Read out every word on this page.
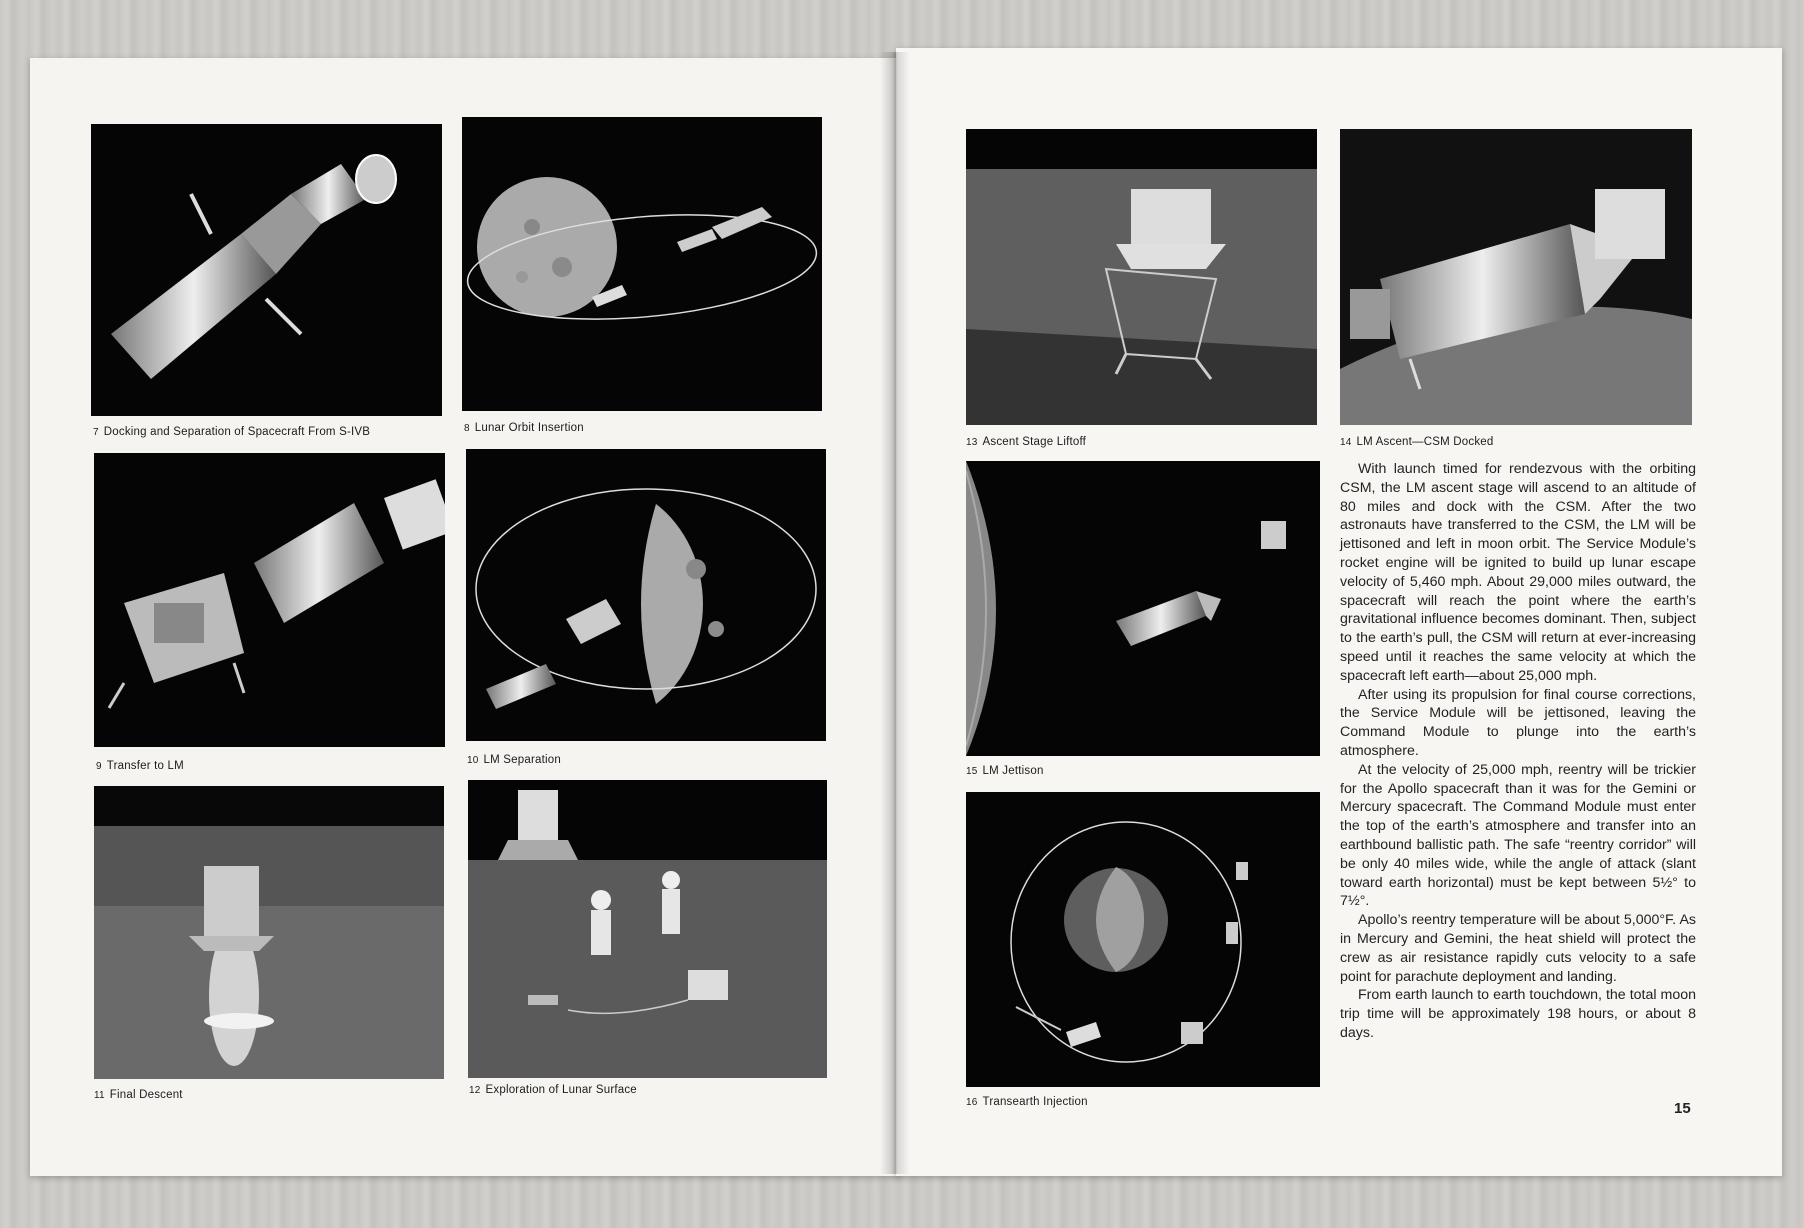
7 Docking and Separation of Spacecraft From S-IVB	8 Lunar Orbit Insertion
9 Transfer to LM	10 LM Separation
11 Final Descent	12 Exploration of Lunar Surface
13 Ascent Stage Liftoff	14 LM Ascent—CSM Docked
15 LM Jettison
16 Transearth Injection

With launch timed for rendezvous with the orbiting CSM, the LM ascent stage will ascend to an altitude of 80 miles and dock with the CSM. After the two astronauts have transferred to the CSM, the LM will be jettisoned and left in moon orbit. The Service Module’s rocket engine will be ignited to build up lunar escape velocity of 5,460 mph. About 29,000 miles outward, the spacecraft will reach the point where the earth’s gravitational influence becomes dominant. Then, subject to the earth’s pull, the CSM will return at ever-increasing speed until it reaches the same velocity at which the spacecraft left earth—about 25,000 mph.

After using its propulsion for final course corrections, the Service Module will be jettisoned, leaving the Command Module to plunge into the earth’s atmosphere.

At the velocity of 25,000 mph, reentry will be trickier for the Apollo spacecraft than it was for the Gemini or Mercury spacecraft. The Command Module must enter the top of the earth’s atmosphere and transfer into an earthbound ballistic path. The safe “reentry corridor” will be only 40 miles wide, while the angle of attack (slant toward earth horizontal) must be kept between 5½° to 7½°.

Apollo’s reentry temperature will be about 5,000°F. As in Mercury and Gemini, the heat shield will protect the crew as air resistance rapidly cuts velocity to a safe point for parachute deployment and landing.

From earth launch to earth touchdown, the total moon trip time will be approximately 198 hours, or about 8 days.

15
